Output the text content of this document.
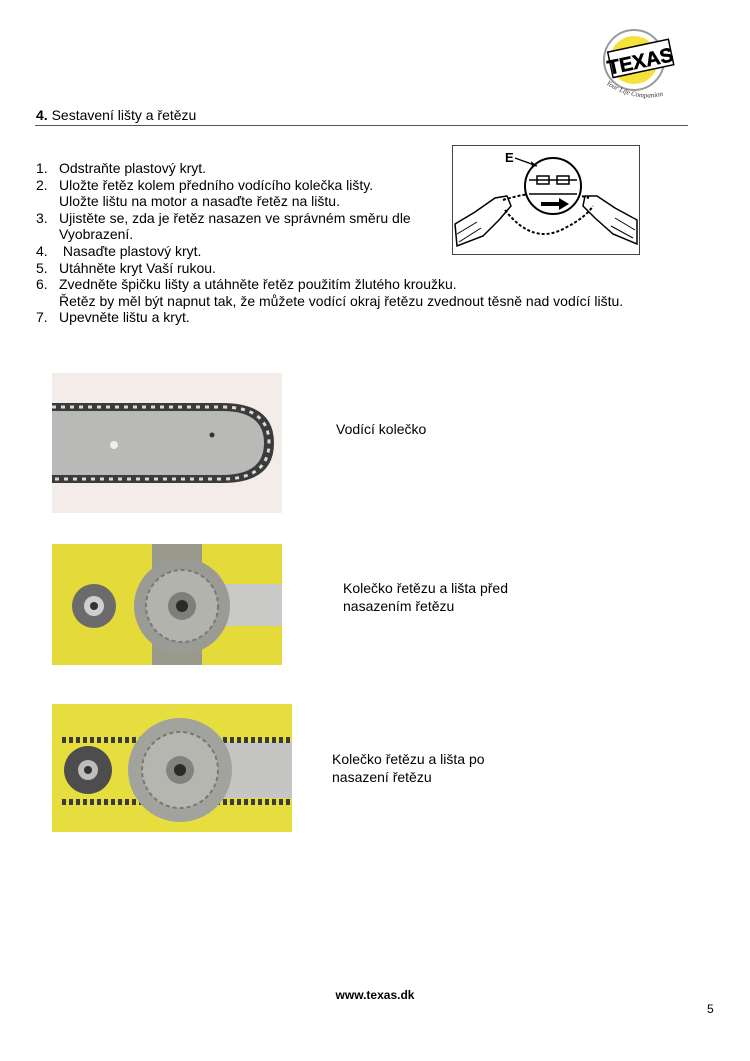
TEXAS
Your Life Companion
4. Sestavení lišty a řetězu
1. Odstraňte plastový kryt.
2. Uložte řetěz kolem předního vodícího kolečka lišty.
Uložte lištu na motor a nasaďte řetěz na lištu.
3. Ujistěte se, zda je řetěz nasazen ve správném směru dle
Vyobrazení.
4. Nasaďte plastový kryt.
5. Utáhněte kryt Vaší rukou.
6. Zvedněte špičku lišty a utáhněte řetěz použitím žlutého kroužku.
Řetěz by měl být napnut tak, že můžete vodící okraj řetězu zvednout těsně nad vodící lištu.
7. Upevněte lištu a kryt.
E
Vodící kolečko
Kolečko řetězu a lišta před
nasazením řetězu
Kolečko řetězu a lišta po
nasazení řetězu
www.texas.dk
5
